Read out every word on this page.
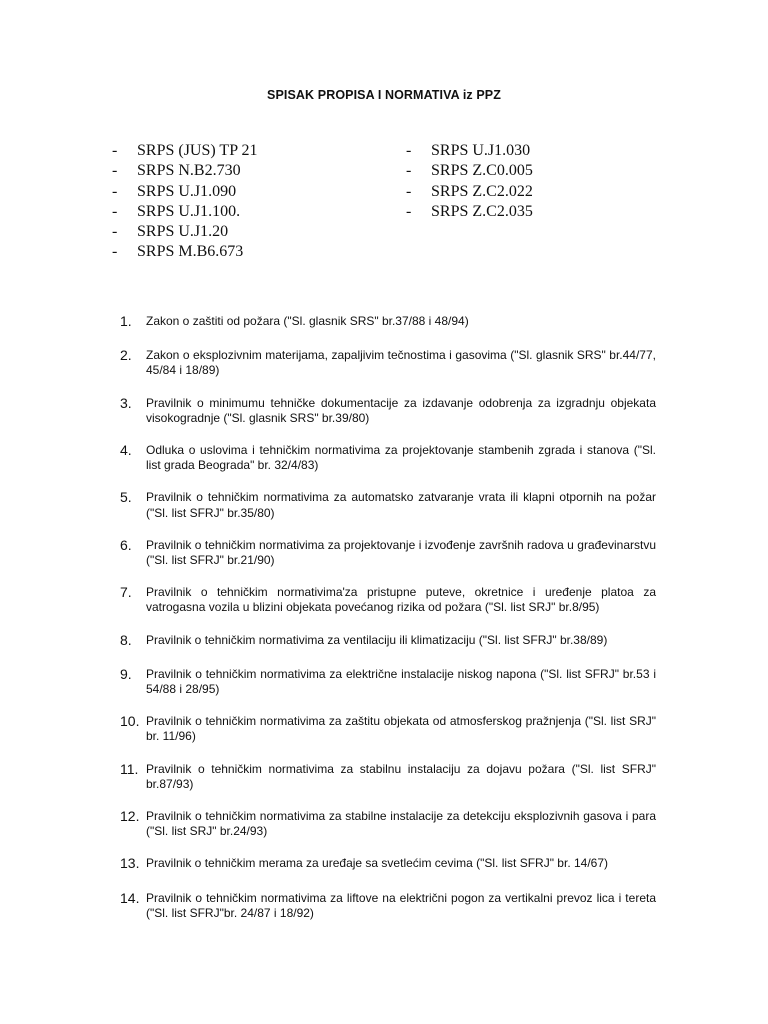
SPISAK PROPISA I NORMATIVA iz PPZ
-	SRPS (JUS) TP 21
-	SRPS N.B2.730
-	SRPS U.J1.090
-	SRPS U.J1.100.
-	SRPS U.J1.20
-	SRPS M.B6.673
-	SRPS U.J1.030
-	SRPS Z.C0.005
-	SRPS Z.C2.022
-	SRPS Z.C2.035
1.	Zakon o zaštiti od požara ("Sl. glasnik SRS" br.37/88 i 48/94)
2.	Zakon o eksplozivnim materijama, zapaljivim tečnostima i gasovima ("Sl. glasnik SRS" br.44/77, 45/84 i 18/89)
3.	Pravilnik o minimumu tehničke dokumentacije za izdavanje odobrenja za izgradnju objekata visokogradnje ("Sl. glasnik SRS" br.39/80)
4.	Odluka o uslovima i tehničkim normativima za projektovanje stambenih zgrada i stanova ("Sl. list grada Beograda" br. 32/4/83)
5.	Pravilnik o tehničkim normativima za automatsko zatvaranje vrata ili klapni otpornih na požar ("Sl. list SFRJ" br.35/80)
6.	Pravilnik o tehničkim normativima za projektovanje i izvođenje završnih radova u građevinarstvu ("Sl. list SFRJ" br.21/90)
7.	Pravilnik o tehničkim normativima'za pristupne puteve, okretnice i uređenje platoa za vatrogasna vozila u blizini objekata povećanog rizika od požara ("Sl. list SRJ" br.8/95)
8.	Pravilnik o tehničkim normativima za ventilaciju ili klimatizaciju ("Sl. list SFRJ" br.38/89)
9.	Pravilnik o tehničkim normativima za električne instalacije niskog napona ("Sl. list SFRJ" br.53 i 54/88 i 28/95)
10. Pravilnik o tehničkim normativima za zaštitu objekata od atmosferskog pražnjenja ("Sl. list SRJ" br. 11/96)
11. Pravilnik o tehničkim normativima za stabilnu instalaciju za dojavu požara ("Sl. list SFRJ" br.87/93)
12. Pravilnik o tehničkim normativima za stabilne instalacije za detekciju eksplozivnih gasova i para ("Sl. list SRJ" br.24/93)
13. Pravilnik o tehničkim merama za uređaje sa svetlećim cevima ("Sl. list SFRJ" br. 14/67)
14. Pravilnik o tehničkim normativima za liftove na električni pogon za vertikalni prevoz lica i tereta ("Sl. list SFRJ"br. 24/87 i 18/92)
